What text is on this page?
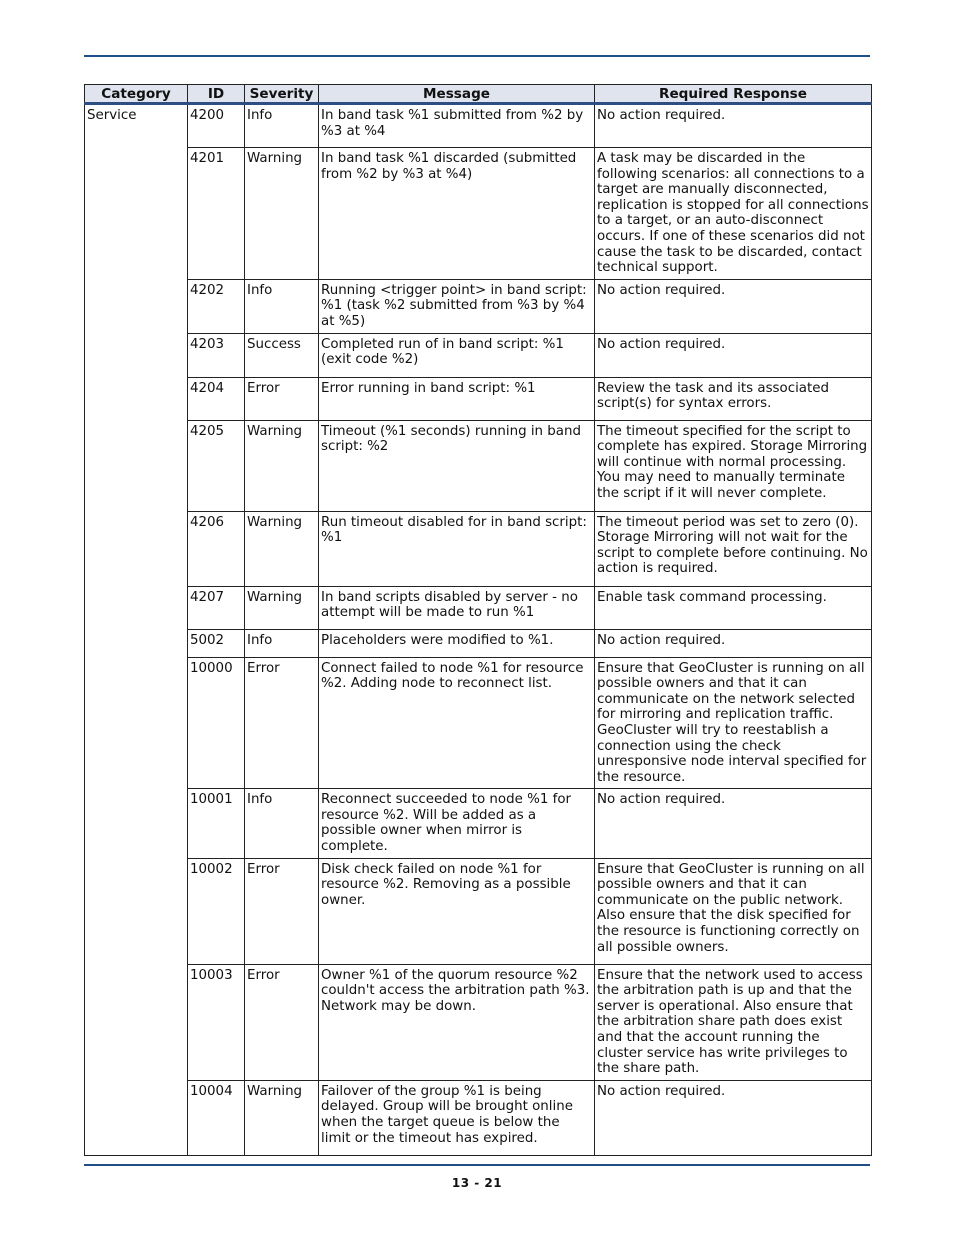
Category	ID	Severity	Message	Required Response
Service	4200	Info	In band task %1 submitted from %2 by %3 at %4	No action required.
	4201	Warning	In band task %1 discarded (submitted from %2 by %3 at %4)	A task may be discarded in the following scenarios: all connections to a target are manually disconnected, replication is stopped for all connections to a target, or an auto-disconnect occurs. If one of these scenarios did not cause the task to be discarded, contact technical support.
	4202	Info	Running <trigger point> in band script: %1 (task %2 submitted from %3 by %4 at %5)	No action required.
	4203	Success	Completed run of in band script: %1 (exit code %2)	No action required.
	4204	Error	Error running in band script: %1	Review the task and its associated script(s) for syntax errors.
	4205	Warning	Timeout (%1 seconds) running in band script: %2	The timeout specified for the script to complete has expired. Storage Mirroring will continue with normal processing. You may need to manually terminate the script if it will never complete.
	4206	Warning	Run timeout disabled for in band script: %1	The timeout period was set to zero (0). Storage Mirroring will not wait for the script to complete before continuing. No action is required.
	4207	Warning	In band scripts disabled by server - no attempt will be made to run %1	Enable task command processing.
	5002	Info	Placeholders were modified to %1.	No action required.
	10000	Error	Connect failed to node %1 for resource %2. Adding node to reconnect list.	Ensure that GeoCluster is running on all possible owners and that it can communicate on the network selected for mirroring and replication traffic. GeoCluster will try to reestablish a connection using the check unresponsive node interval specified for the resource.
	10001	Info	Reconnect succeeded to node %1 for resource %2. Will be added as a possible owner when mirror is complete.	No action required.
	10002	Error	Disk check failed on node %1 for resource %2. Removing as a possible owner.	Ensure that GeoCluster is running on all possible owners and that it can communicate on the public network. Also ensure that the disk specified for the resource is functioning correctly on all possible owners.
	10003	Error	Owner %1 of the quorum resource %2 couldn't access the arbitration path %3. Network may be down.	Ensure that the network used to access the arbitration path is up and that the server is operational. Also ensure that the arbitration share path does exist and that the account running the cluster service has write privileges to the share path.
	10004	Warning	Failover of the group %1 is being delayed. Group will be brought online when the target queue is below the limit or the timeout has expired.	No action required.
13 - 21
